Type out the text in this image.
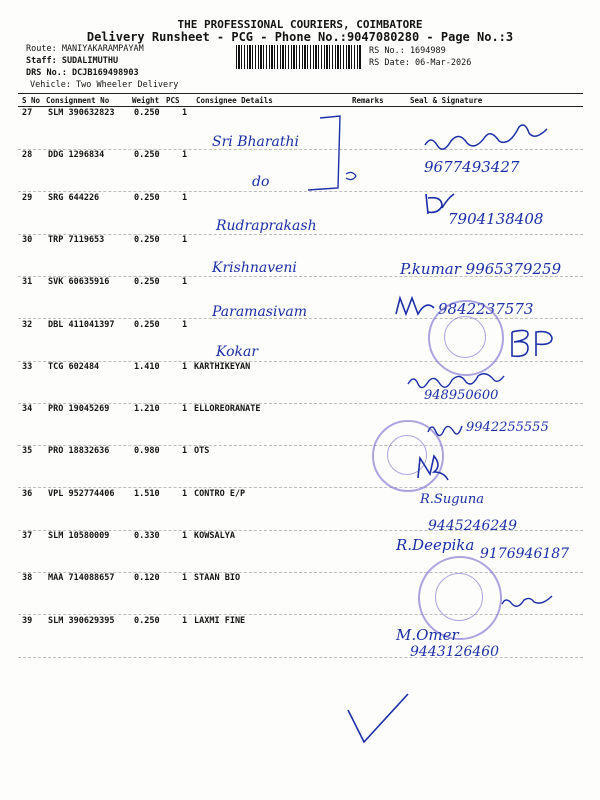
THE PROFESSIONAL COURIERS, COIMBATORE
Delivery Runsheet - PCG - Phone No.:9047080280 - Page No.:3
Route: MANIYAKARAMPAYAM
Staff: SUDALIMUTHU
DRS No.: DCJB169498903
Vehicle: Two Wheeler Delivery
RS No.: 1694989
RS Date: 06-Mar-2026
S No Consignment No	Weight PCS Consignee Details	Remarks	Seal & Signature
27 SLM 390632823 0.250	1
28 DDG 1296834	0.250	1
29 SRG 644226	0.250	1
30 TRP 7119653	0.250	1
31 SVK 60635916	0.250	1
32 DBL 411041397 0.250	1
33 TCG 602484	1.410	1 KARTHIKEYAN
34 PRO 19045269	1.210	1 ELLOREORANATE
35 PRO 18832636	0.980	1 OTS
36 VPL 952774406 1.510	1 CONTRO E/P
37 SLM 10580009	0.330	1 KOWSALYA
38 MAA 714088657 0.120	1 STAAN BIO
39 SLM 390629395 0.250	1 LAXMI FINE
Sri Bharathi
do
Rudraprakash
Krishnaveni
Paramasivam
Kokar
9677493427
7904138408
P.kumar 9965379259
9842237573
948950600
9942255555
R.Suguna
9445246249
R.Deepika 9176946187
M.Omer
9443126460
